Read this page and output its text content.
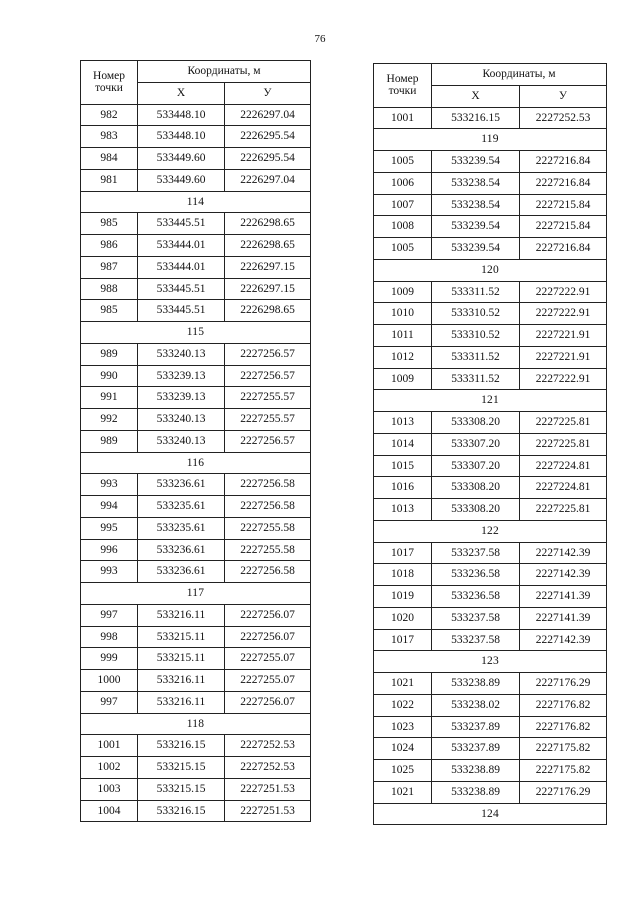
76
Номер точки	Координаты, м	
	X	У
982	533448.10	2226297.04
983	533448.10	2226295.54
984	533449.60	2226295.54
981	533449.60	2226297.04
114		
985	533445.51	2226298.65
986	533444.01	2226298.65
987	533444.01	2226297.15
988	533445.51	2226297.15
985	533445.51	2226298.65
115		
989	533240.13	2227256.57
990	533239.13	2227256.57
991	533239.13	2227255.57
992	533240.13	2227255.57
989	533240.13	2227256.57
116		
993	533236.61	2227256.58
994	533235.61	2227256.58
995	533235.61	2227255.58
996	533236.61	2227255.58
993	533236.61	2227256.58
117		
997	533216.11	2227256.07
998	533215.11	2227256.07
999	533215.11	2227255.07
1000	533216.11	2227255.07
997	533216.11	2227256.07
118		
1001	533216.15	2227252.53
1002	533215.15	2227252.53
1003	533215.15	2227251.53
1004	533216.15	2227251.53
Номер точки	Координаты, м	
	X	У
1001	533216.15	2227252.53
119		
1005	533239.54	2227216.84
1006	533238.54	2227216.84
1007	533238.54	2227215.84
1008	533239.54	2227215.84
1005	533239.54	2227216.84
120		
1009	533311.52	2227222.91
1010	533310.52	2227222.91
1011	533310.52	2227221.91
1012	533311.52	2227221.91
1009	533311.52	2227222.91
121		
1013	533308.20	2227225.81
1014	533307.20	2227225.81
1015	533307.20	2227224.81
1016	533308.20	2227224.81
1013	533308.20	2227225.81
122		
1017	533237.58	2227142.39
1018	533236.58	2227142.39
1019	533236.58	2227141.39
1020	533237.58	2227141.39
1017	533237.58	2227142.39
123		
1021	533238.89	2227176.29
1022	533238.02	2227176.82
1023	533237.89	2227176.82
1024	533237.89	2227175.82
1025	533238.89	2227175.82
1021	533238.89	2227176.29
124		
